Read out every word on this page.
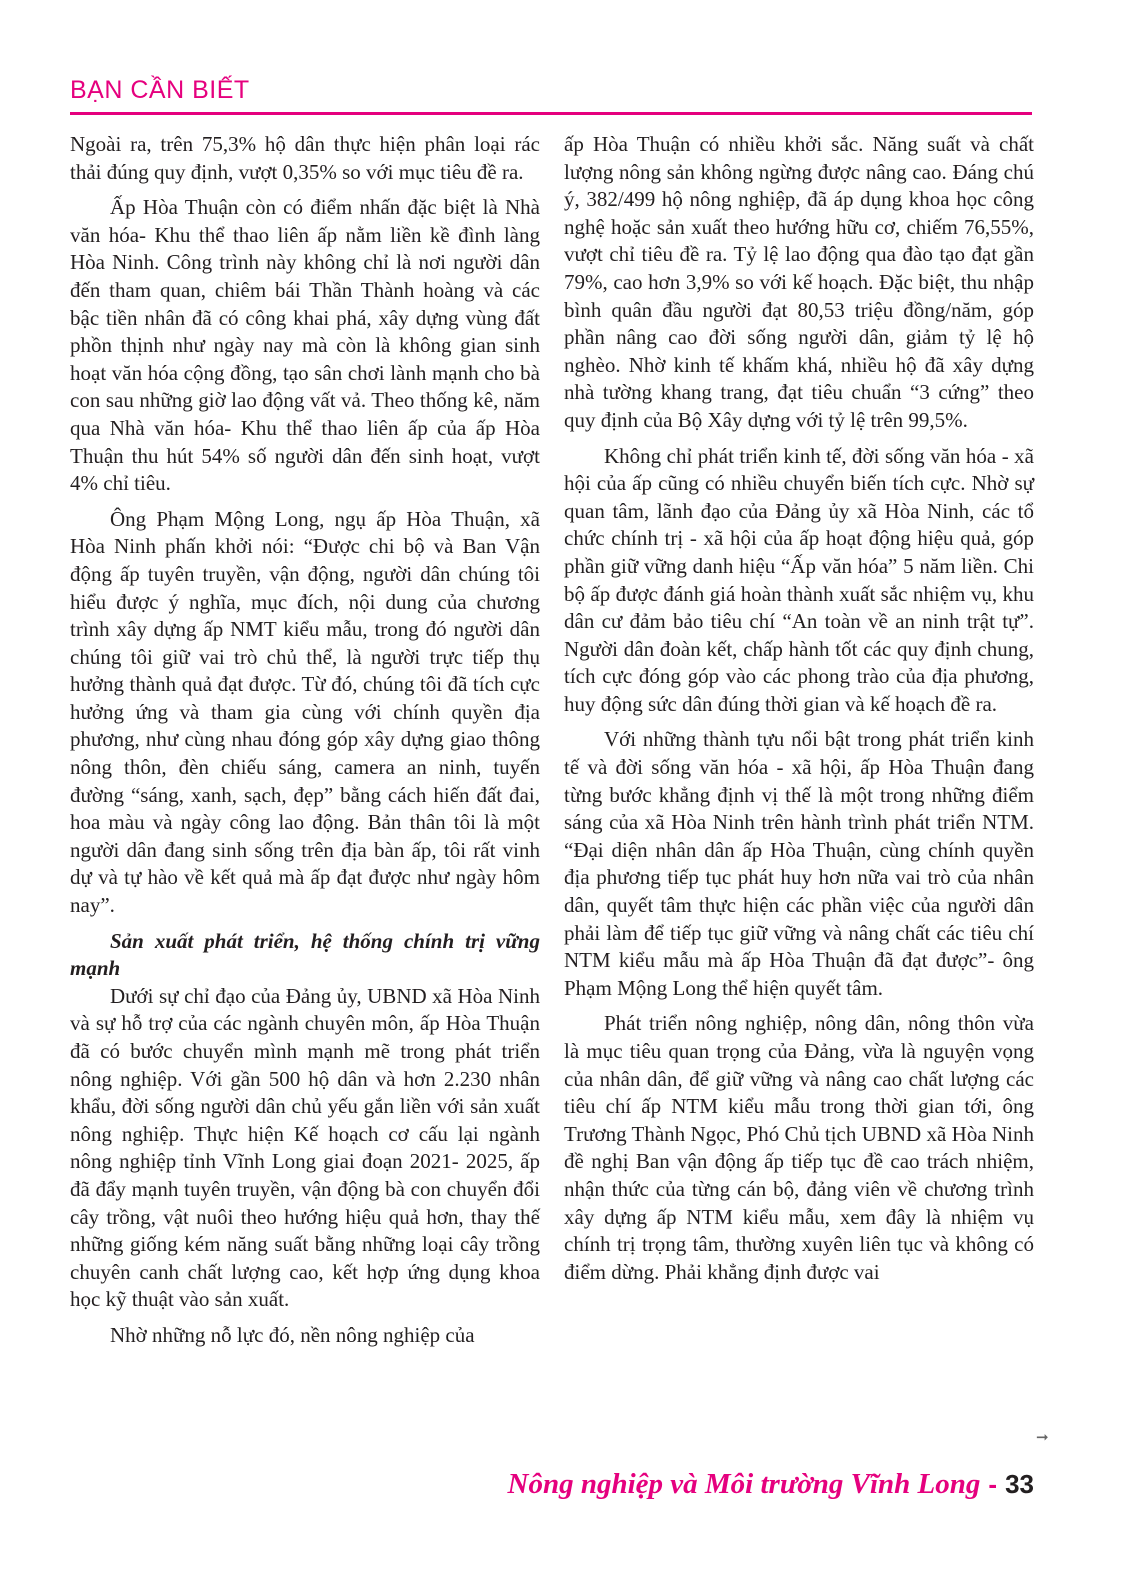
BẠN CẦN BIẾT

Ngoài ra, trên 75,3% hộ dân thực hiện phân loại rác thải đúng quy định, vượt 0,35% so với mục tiêu đề ra.

Ấp Hòa Thuận còn có điểm nhấn đặc biệt là Nhà văn hóa- Khu thể thao liên ấp nằm liền kề đình làng Hòa Ninh. Công trình này không chỉ là nơi người dân đến tham quan, chiêm bái Thần Thành hoàng và các bậc tiền nhân đã có công khai phá, xây dựng vùng đất phồn thịnh như ngày nay mà còn là không gian sinh hoạt văn hóa cộng đồng, tạo sân chơi lành mạnh cho bà con sau những giờ lao động vất vả. Theo thống kê, năm qua Nhà văn hóa- Khu thể thao liên ấp của ấp Hòa Thuận thu hút 54% số người dân đến sinh hoạt, vượt 4% chỉ tiêu.

Ông Phạm Mộng Long, ngụ ấp Hòa Thuận, xã Hòa Ninh phấn khởi nói: “Được chi bộ và Ban Vận động ấp tuyên truyền, vận động, người dân chúng tôi hiểu được ý nghĩa, mục đích, nội dung của chương trình xây dựng ấp NMT kiểu mẫu, trong đó người dân chúng tôi giữ vai trò chủ thể, là người trực tiếp thụ hưởng thành quả đạt được. Từ đó, chúng tôi đã tích cực hưởng ứng và tham gia cùng với chính quyền địa phương, như cùng nhau đóng góp xây dựng giao thông nông thôn, đèn chiếu sáng, camera an ninh, tuyến đường “sáng, xanh, sạch, đẹp” bằng cách hiến đất đai, hoa màu và ngày công lao động. Bản thân tôi là một người dân đang sinh sống trên địa bàn ấp, tôi rất vinh dự và tự hào về kết quả mà ấp đạt được như ngày hôm nay”.

Sản xuất phát triển, hệ thống chính trị vững mạnh

Dưới sự chỉ đạo của Đảng ủy, UBND xã Hòa Ninh và sự hỗ trợ của các ngành chuyên môn, ấp Hòa Thuận đã có bước chuyển mình mạnh mẽ trong phát triển nông nghiệp. Với gần 500 hộ dân và hơn 2.230 nhân khẩu, đời sống người dân chủ yếu gắn liền với sản xuất nông nghiệp. Thực hiện Kế hoạch cơ cấu lại ngành nông nghiệp tỉnh Vĩnh Long giai đoạn 2021- 2025, ấp đã đẩy mạnh tuyên truyền, vận động bà con chuyển đổi cây trồng, vật nuôi theo hướng hiệu quả hơn, thay thế những giống kém năng suất bằng những loại cây trồng chuyên canh chất lượng cao, kết hợp ứng dụng khoa học kỹ thuật vào sản xuất.

Nhờ những nỗ lực đó, nền nông nghiệp của

ấp Hòa Thuận có nhiều khởi sắc. Năng suất và chất lượng nông sản không ngừng được nâng cao. Đáng chú ý, 382/499 hộ nông nghiệp, đã áp dụng khoa học công nghệ hoặc sản xuất theo hướng hữu cơ, chiếm 76,55%, vượt chỉ tiêu đề ra. Tỷ lệ lao động qua đào tạo đạt gần 79%, cao hơn 3,9% so với kế hoạch. Đặc biệt, thu nhập bình quân đầu người đạt 80,53 triệu đồng/năm, góp phần nâng cao đời sống người dân, giảm tỷ lệ hộ nghèo. Nhờ kinh tế khấm khá, nhiều hộ đã xây dựng nhà tường khang trang, đạt tiêu chuẩn “3 cứng” theo quy định của Bộ Xây dựng với tỷ lệ trên 99,5%.

Không chỉ phát triển kinh tế, đời sống văn hóa - xã hội của ấp cũng có nhiều chuyển biến tích cực. Nhờ sự quan tâm, lãnh đạo của Đảng ủy xã Hòa Ninh, các tổ chức chính trị - xã hội của ấp hoạt động hiệu quả, góp phần giữ vững danh hiệu “Ấp văn hóa” 5 năm liền. Chi bộ ấp được đánh giá hoàn thành xuất sắc nhiệm vụ, khu dân cư đảm bảo tiêu chí “An toàn về an ninh trật tự”. Người dân đoàn kết, chấp hành tốt các quy định chung, tích cực đóng góp vào các phong trào của địa phương, huy động sức dân đúng thời gian và kế hoạch đề ra.

Với những thành tựu nổi bật trong phát triển kinh tế và đời sống văn hóa - xã hội, ấp Hòa Thuận đang từng bước khẳng định vị thế là một trong những điểm sáng của xã Hòa Ninh trên hành trình phát triển NTM. “Đại diện nhân dân ấp Hòa Thuận, cùng chính quyền địa phương tiếp tục phát huy hơn nữa vai trò của nhân dân, quyết tâm thực hiện các phần việc của người dân phải làm để tiếp tục giữ vững và nâng chất các tiêu chí NTM kiểu mẫu mà ấp Hòa Thuận đã đạt được”- ông Phạm Mộng Long thể hiện quyết tâm.

Phát triển nông nghiệp, nông dân, nông thôn vừa là mục tiêu quan trọng của Đảng, vừa là nguyện vọng của nhân dân, để giữ vững và nâng cao chất lượng các tiêu chí ấp NTM kiểu mẫu trong thời gian tới, ông Trương Thành Ngọc, Phó Chủ tịch UBND xã Hòa Ninh đề nghị Ban vận động ấp tiếp tục đề cao trách nhiệm, nhận thức của từng cán bộ, đảng viên về chương trình xây dựng ấp NTM kiểu mẫu, xem đây là nhiệm vụ chính trị trọng tâm, thường xuyên liên tục và không có điểm dừng. Phải khẳng định được vai

➞
Nông nghiệp và Môi trường Vĩnh Long - 33
